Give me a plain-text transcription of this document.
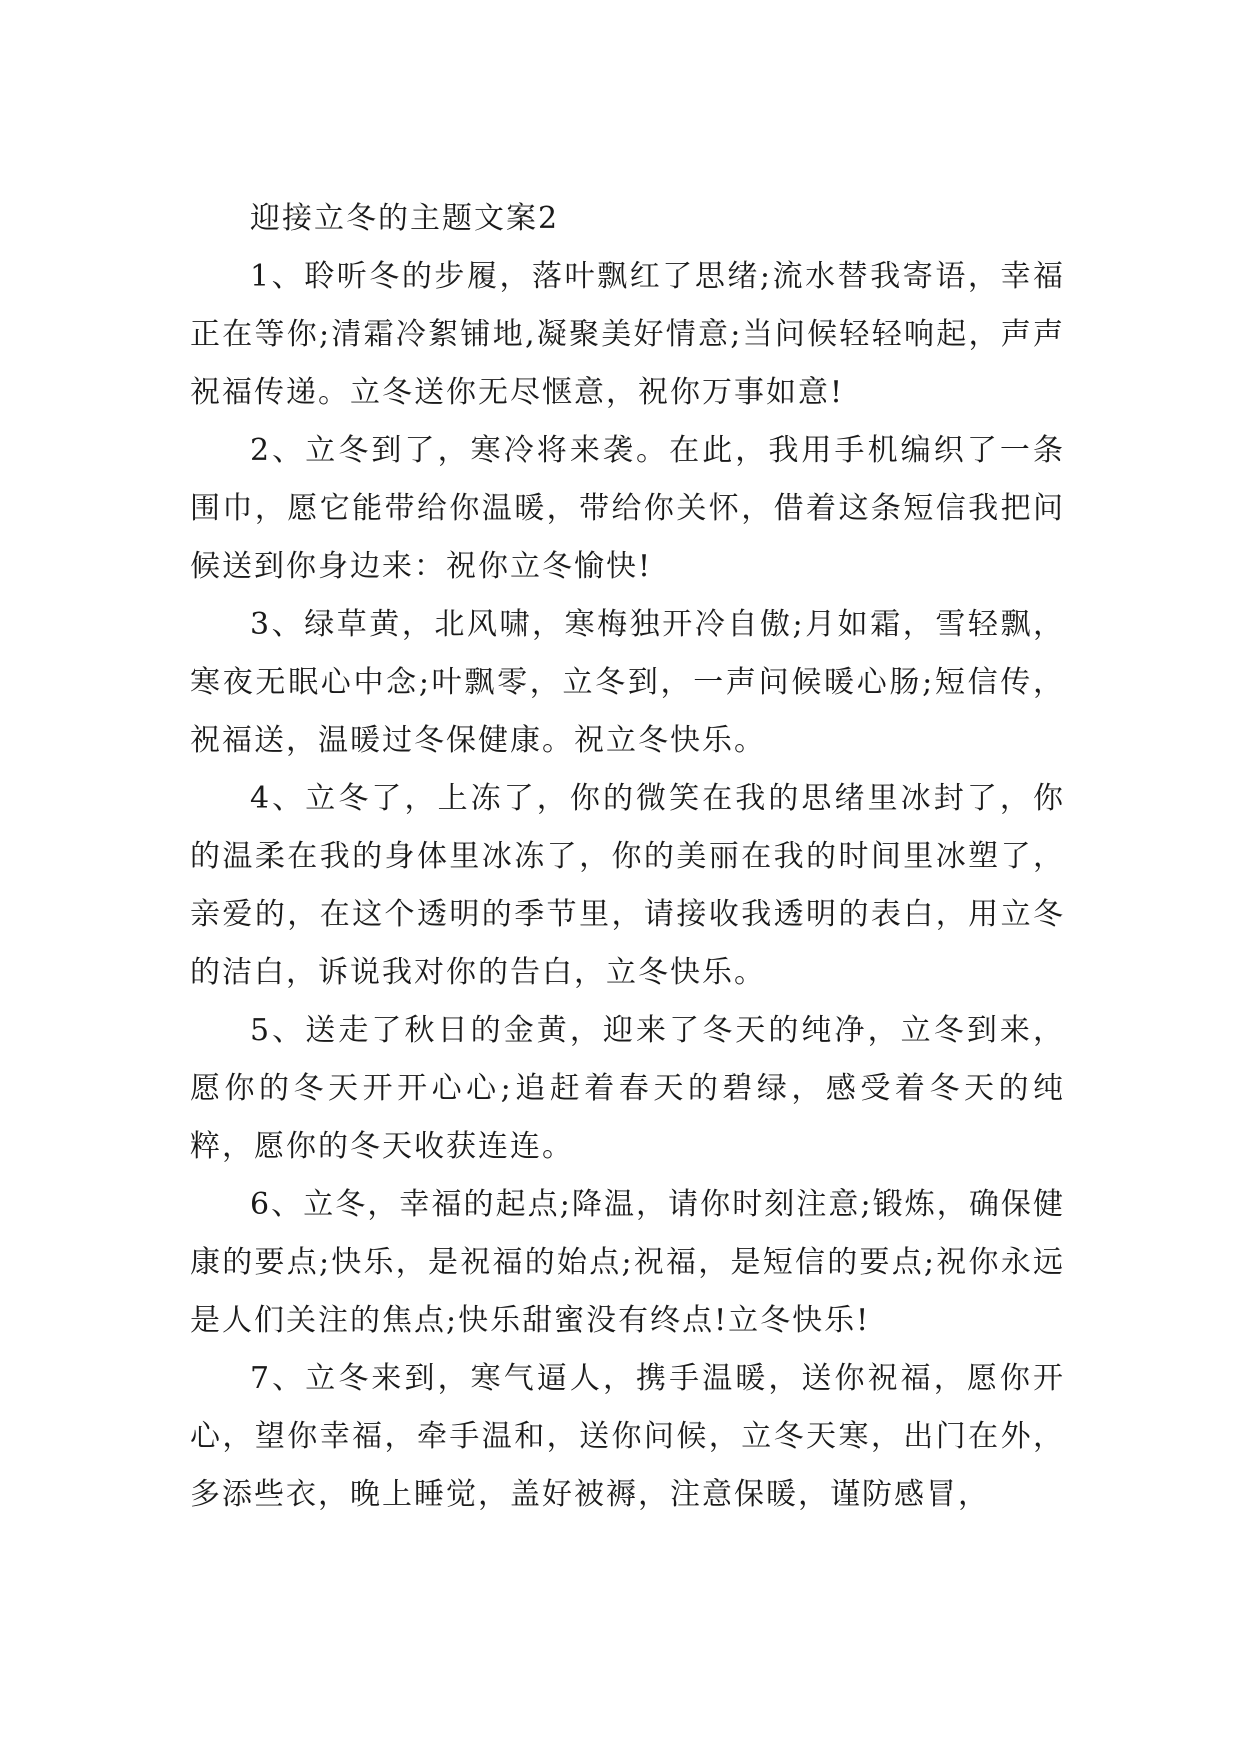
迎接立冬的主题文案2

1、聆听冬的步履，落叶飘红了思绪;流水替我寄语，幸福正在等你;清霜冷絮铺地,凝聚美好情意;当问候轻轻响起，声声祝福传递。立冬送你无尽惬意，祝你万事如意!

2、立冬到了，寒冷将来袭。在此，我用手机编织了一条围巾，愿它能带给你温暖，带给你关怀，借着这条短信我把问候送到你身边来：祝你立冬愉快!

3、绿草黄，北风啸，寒梅独开冷自傲;月如霜，雪轻飘，寒夜无眠心中念;叶飘零，立冬到，一声问候暖心肠;短信传，祝福送，温暖过冬保健康。祝立冬快乐。

4、立冬了，上冻了，你的微笑在我的思绪里冰封了，你的温柔在我的身体里冰冻了，你的美丽在我的时间里冰塑了，亲爱的，在这个透明的季节里，请接收我透明的表白，用立冬的洁白，诉说我对你的告白，立冬快乐。

5、送走了秋日的金黄，迎来了冬天的纯净，立冬到来，愿你的冬天开开心心;追赶着春天的碧绿，感受着冬天的纯粹，愿你的冬天收获连连。

6、立冬，幸福的起点;降温，请你时刻注意;锻炼，确保健康的要点;快乐，是祝福的始点;祝福，是短信的要点;祝你永远是人们关注的焦点;快乐甜蜜没有终点!立冬快乐!

7、立冬来到，寒气逼人，携手温暖，送你祝福，愿你开心，望你幸福，牵手温和，送你问候，立冬天寒，出门在外，多添些衣，晚上睡觉，盖好被褥，注意保暖，谨防感冒，
